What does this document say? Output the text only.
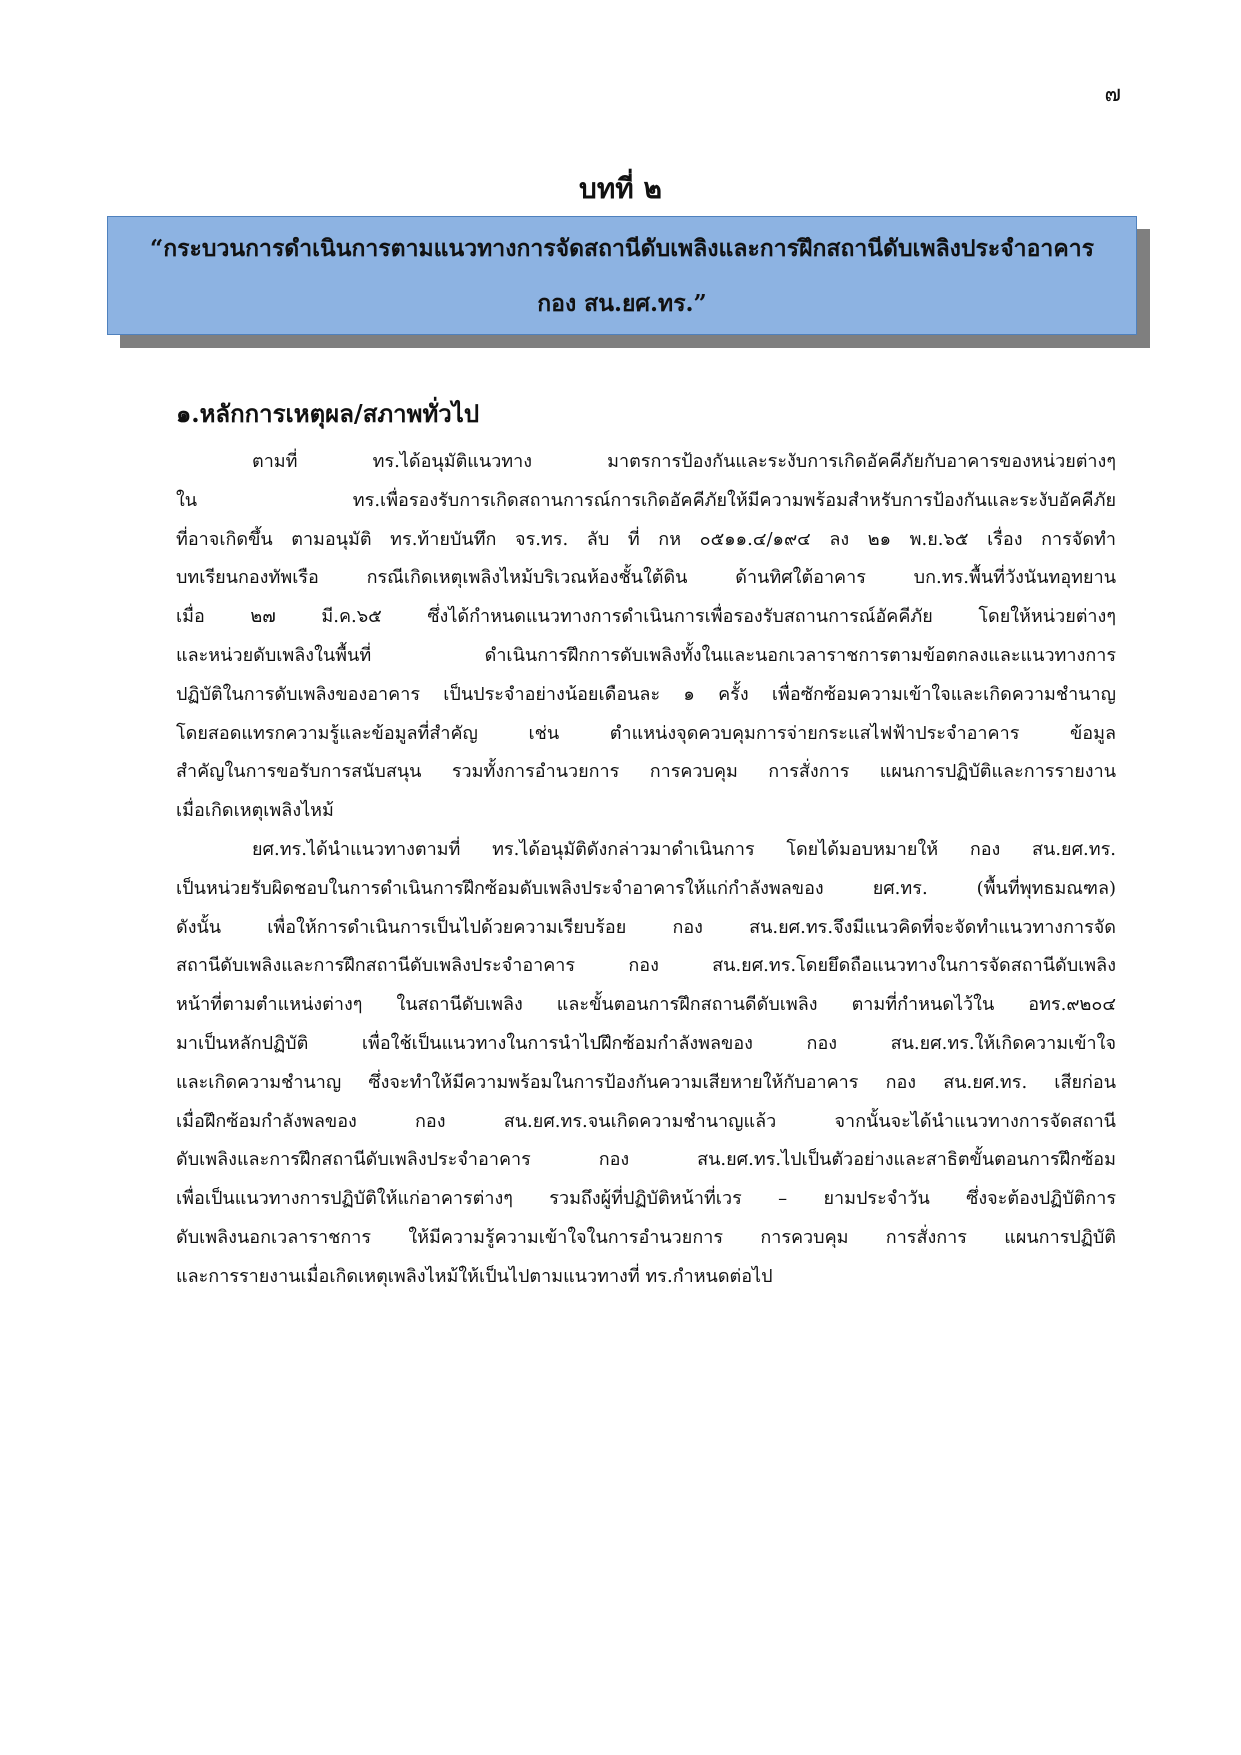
๗
บทที่ ๒
“กระบวนการดำเนินการตามแนวทางการจัดสถานีดับเพลิงและการฝึกสถานีดับเพลิงประจำอาคาร
กอง สน.ยศ.ทร.”
๑.หลักการเหตุผล/สภาพทั่วไป
ตามที่ ทร.ได้อนุมัติแนวทาง มาตรการป้องกันและระงับการเกิดอัคคีภัยกับอาคารของหน่วยต่างๆ
ใน ทร.เพื่อรองรับการเกิดสถานการณ์การเกิดอัคคีภัยให้มีความพร้อมสำหรับการป้องกันและระงับอัคคีภัย
ที่อาจเกิดขึ้น ตามอนุมัติ ทร.ท้ายบันทึก จร.ทร. ลับ ที่ กห ๐๕๑๑.๔/๑๙๔ ลง ๒๑ พ.ย.๖๕ เรื่อง การจัดทำ
บทเรียนกองทัพเรือ กรณีเกิดเหตุเพลิงไหม้บริเวณห้องชั้นใต้ดิน ด้านทิศใต้อาคาร บก.ทร.พื้นที่วังนันทอุทยาน
เมื่อ ๒๗ มี.ค.๖๕ ซึ่งได้กำหนดแนวทางการดำเนินการเพื่อรองรับสถานการณ์อัคคีภัย โดยให้หน่วยต่างๆ
และหน่วยดับเพลิงในพื้นที่ ดำเนินการฝึกการดับเพลิงทั้งในและนอกเวลาราชการตามข้อตกลงและแนวทางการ
ปฏิบัติในการดับเพลิงของอาคาร เป็นประจำอย่างน้อยเดือนละ ๑ ครั้ง เพื่อซักซ้อมความเข้าใจและเกิดความชำนาญ
โดยสอดแทรกความรู้และข้อมูลที่สำคัญ เช่น ตำแหน่งจุดควบคุมการจ่ายกระแสไฟฟ้าประจำอาคาร ข้อมูล
สำคัญในการขอรับการสนับสนุน รวมทั้งการอำนวยการ การควบคุม การสั่งการ แผนการปฏิบัติและการรายงาน
เมื่อเกิดเหตุเพลิงไหม้
ยศ.ทร.ได้นำแนวทางตามที่ ทร.ได้อนุมัติดังกล่าวมาดำเนินการ โดยได้มอบหมายให้ กอง สน.ยศ.ทร.
เป็นหน่วยรับผิดชอบในการดำเนินการฝึกซ้อมดับเพลิงประจำอาคารให้แก่กำลังพลของ ยศ.ทร. (พื้นที่พุทธมณฑล)
ดังนั้น เพื่อให้การดำเนินการเป็นไปด้วยความเรียบร้อย กอง สน.ยศ.ทร.จึงมีแนวคิดที่จะจัดทำแนวทางการจัด
สถานีดับเพลิงและการฝึกสถานีดับเพลิงประจำอาคาร กอง สน.ยศ.ทร.โดยยึดถือแนวทางในการจัดสถานีดับเพลิง
หน้าที่ตามตำแหน่งต่างๆ ในสถานีดับเพลิง และขั้นตอนการฝึกสถานดีดับเพลิง ตามที่กำหนดไว้ใน อทร.๙๒๐๔
มาเป็นหลักปฏิบัติ เพื่อใช้เป็นแนวทางในการนำไปฝึกซ้อมกำลังพลของ กอง สน.ยศ.ทร.ให้เกิดความเข้าใจ
และเกิดความชำนาญ ซึ่งจะทำให้มีความพร้อมในการป้องกันความเสียหายให้กับอาคาร กอง สน.ยศ.ทร. เสียก่อน
เมื่อฝึกซ้อมกำลังพลของ กอง สน.ยศ.ทร.จนเกิดความชำนาญแล้ว จากนั้นจะได้นำแนวทางการจัดสถานี
ดับเพลิงและการฝึกสถานีดับเพลิงประจำอาคาร กอง สน.ยศ.ทร.ไปเป็นตัวอย่างและสาธิตขั้นตอนการฝึกซ้อม
เพื่อเป็นแนวทางการปฏิบัติให้แก่อาคารต่างๆ รวมถึงผู้ที่ปฏิบัติหน้าที่เวร – ยามประจำวัน ซึ่งจะต้องปฏิบัติการ
ดับเพลิงนอกเวลาราชการ ให้มีความรู้ความเข้าใจในการอำนวยการ การควบคุม การสั่งการ แผนการปฏิบัติ
และการรายงานเมื่อเกิดเหตุเพลิงไหม้ให้เป็นไปตามแนวทางที่ ทร.กำหนดต่อไป
